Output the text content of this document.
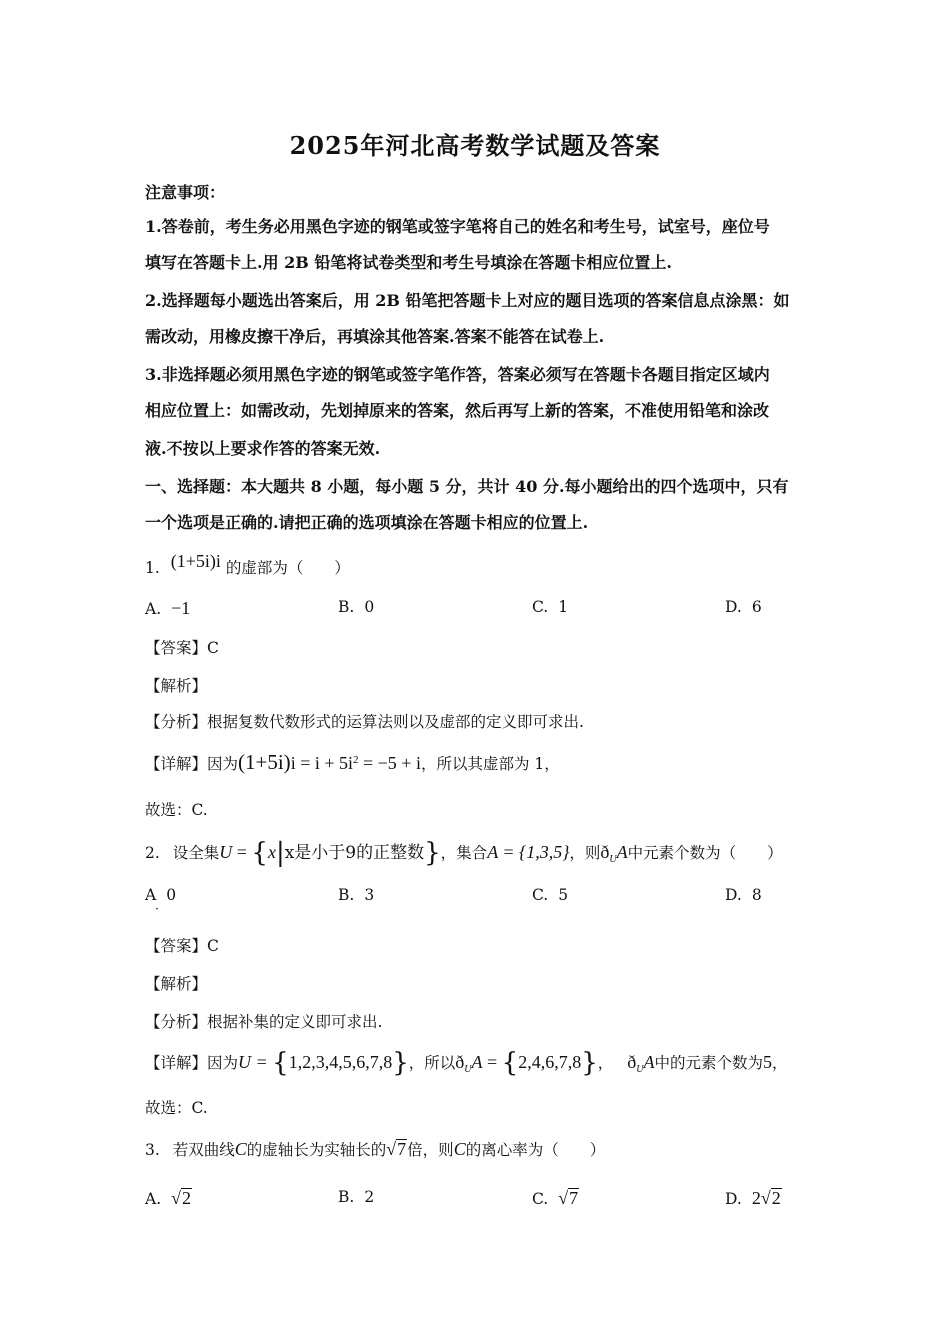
2025年河北高考数学试题及答案
注意事项：
1.答卷前，考生务必用黑色字迹的钢笔或签字笔将自己的姓名和考生号，试室号，座位号
填写在答题卡上.用 2B 铅笔将试卷类型和考生号填涂在答题卡相应位置上.
2.选择题每小题选出答案后，用 2B 铅笔把答题卡上对应的题目选项的答案信息点涂黑：如
需改动，用橡皮擦干净后，再填涂其他答案.答案不能答在试卷上.
3.非选择题必须用黑色字迹的钢笔或签字笔作答，答案必须写在答题卡各题目指定区域内
相应位置上：如需改动，先划掉原来的答案，然后再写上新的答案，不准使用铅笔和涂改
液.不按以上要求作答的答案无效.
一、选择题：本大题共 8 小题，每小题 5 分，共计 40 分.每小题给出的四个选项中，只有
一个选项是正确的.请把正确的选项填涂在答题卡相应的位置上.
1. (1+5i)i 的虚部为（　　）
A. −1	B. 0	C. 1	D. 6
【答案】C
【解析】
【分析】根据复数代数形式的运算法则以及虚部的定义即可求出.
【详解】因为$(1+5i)i = i + 5i^2 = -5 + i$，所以其虚部为 1，
故选：C.
2. 设全集U = {x|x是小于9的正整数}，集合A = {1,3,5}，则$ð_UA$中元素个数为（　　）
A 0
·
B. 3	C. 5	D. 8
【答案】C
【解析】
【分析】根据补集的定义即可求出.
【详解】因为U = {1,2,3,4,5,6,7,8}，所以$ð_UA = \{2,4,6,7,8\}$， $ð_UA$中的元素个数为5，
故选：C.
3. 若双曲线C的虚轴长为实轴长的√7倍，则C的离心率为（　　）
A. √2	B. 2	C. √7	D. 2√2
